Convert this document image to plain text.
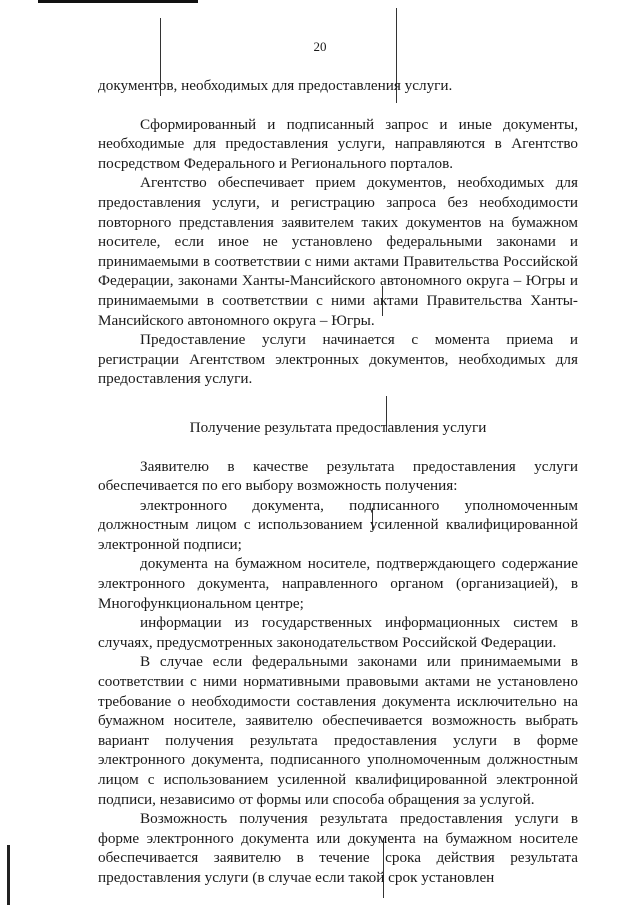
20

документов, необходимых для предоставления услуги.

Сформированный и подписанный запрос и иные документы, необходимые для предоставления услуги, направляются в Агентство посредством Федерального и Регионального порталов.

Агентство обеспечивает прием документов, необходимых для предоставления услуги, и регистрацию запроса без необходимости повторного представления заявителем таких документов на бумажном носителе, если иное не установлено федеральными законами и принимаемыми в соответствии с ними актами Правительства Российской Федерации, законами Ханты-Мансийского автономного округа – Югры и принимаемыми в соответствии с ними актами Правительства Ханты-Мансийского автономного округа – Югры.

Предоставление услуги начинается с момента приема и регистрации Агентством электронных документов, необходимых для предоставления услуги.

Получение результата предоставления услуги

Заявителю в качестве результата предоставления услуги обеспечивается по его выбору возможность получения:

электронного документа, подписанного уполномоченным должностным лицом с использованием усиленной квалифицированной электронной подписи;

документа на бумажном носителе, подтверждающего содержание электронного документа, направленного органом (организацией), в Многофункциональном центре;

информации из государственных информационных систем в случаях, предусмотренных законодательством Российской Федерации.

В случае если федеральными законами или принимаемыми в соответствии с ними нормативными правовыми актами не установлено требование о необходимости составления документа исключительно на бумажном носителе, заявителю обеспечивается возможность выбрать вариант получения результата предоставления услуги в форме электронного документа, подписанного уполномоченным должностным лицом с использованием усиленной квалифицированной электронной подписи, независимо от формы или способа обращения за услугой.

Возможность получения результата предоставления услуги в форме электронного документа или документа на бумажном носителе обеспечивается заявителю в течение срока действия результата предоставления услуги (в случае если такой срок установлен
